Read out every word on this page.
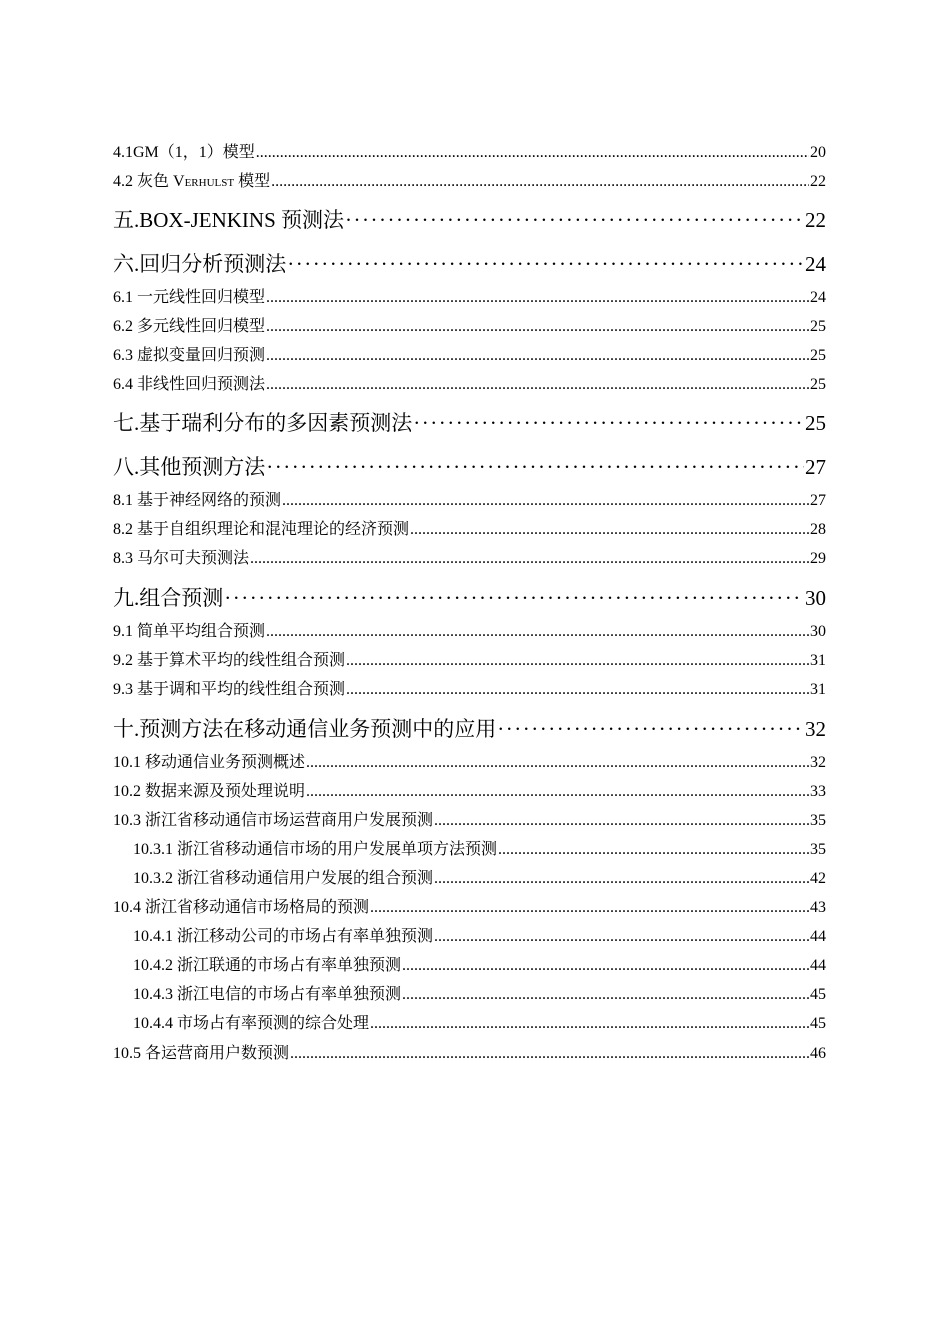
4.1GM（1，1）模型 .....	20
4.2 灰色 Verhulst 模型 .....	22
五.BOX-JENKINS 预测法 ·····	22
六.回归分析预测法 ·····	24
6.1 一元线性回归模型 .....	24
6.2 多元线性回归模型 .....	25
6.3 虚拟变量回归预测 .....	25
6.4 非线性回归预测法 .....	25
七.基于瑞利分布的多因素预测法 ·····	25
八.其他预测方法 ·····	27
8.1 基于神经网络的预测 .....	27
8.2 基于自组织理论和混沌理论的经济预测 .....	28
8.3 马尔可夫预测法 .....	29
九.组合预测 ·····	30
9.1 简单平均组合预测 .....	30
9.2 基于算术平均的线性组合预测 .....	31
9.3 基于调和平均的线性组合预测 .....	31
十.预测方法在移动通信业务预测中的应用 ·····	32
10.1 移动通信业务预测概述 .....	32
10.2 数据来源及预处理说明 .....	33
10.3 浙江省移动通信市场运营商用户发展预测 .....	35
10.3.1 浙江省移动通信市场的用户发展单项方法预测 .....	35
10.3.2 浙江省移动通信用户发展的组合预测 .....	42
10.4 浙江省移动通信市场格局的预测 .....	43
10.4.1 浙江移动公司的市场占有率单独预测 .....	44
10.4.2 浙江联通的市场占有率单独预测 .....	44
10.4.3 浙江电信的市场占有率单独预测 .....	45
10.4.4 市场占有率预测的综合处理 .....	45
10.5 各运营商用户数预测 .....	46
